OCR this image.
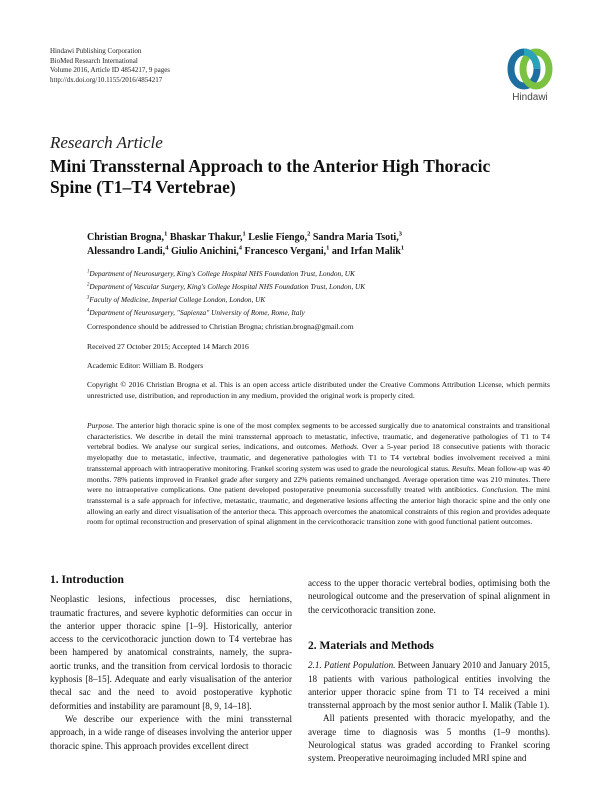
Hindawi Publishing Corporation
BioMed Research International
Volume 2016, Article ID 4854217, 9 pages
http://dx.doi.org/10.1155/2016/4854217
Hindawi
Research Article
Mini Transsternal Approach to the Anterior High Thoracic Spine (T1–T4 Vertebrae)
Christian Brogna,$^1$ Bhaskar Thakur,$^1$ Leslie Fiengo,$^2$ Sandra Maria Tsoti,$^3$
Alessandro Landi,$^4$ Giulio Anichini,$^4$ Francesco Vergani,$^1$ and Irfan Malik$^1$
$^1$Department of Neurosurgery, King's College Hospital NHS Foundation Trust, London, UK
$^2$Department of Vascular Surgery, King's College Hospital NHS Foundation Trust, London, UK
$^3$Faculty of Medicine, Imperial College London, London, UK
$^4$Department of Neurosurgery, "Sapienza" University of Rome, Rome, Italy
Correspondence should be addressed to Christian Brogna; christian.brogna@gmail.com
Received 27 October 2015; Accepted 14 March 2016
Academic Editor: William B. Rodgers
Copyright © 2016 Christian Brogna et al. This is an open access article distributed under the Creative Commons Attribution License, which permits unrestricted use, distribution, and reproduction in any medium, provided the original work is properly cited.
Purpose. The anterior high thoracic spine is one of the most complex segments to be accessed surgically due to anatomical constraints and transitional characteristics. We describe in detail the mini transsternal approach to metastatic, infective, traumatic, and degenerative pathologies of T1 to T4 vertebral bodies. We analyse our surgical series, indications, and outcomes. Methods. Over a 5-year period 18 consecutive patients with thoracic myelopathy due to metastatic, infective, traumatic, and degenerative pathologies with T1 to T4 vertebral bodies involvement received a mini transsternal approach with intraoperative monitoring. Frankel scoring system was used to grade the neurological status. Results. Mean follow-up was 40 months. 78% patients improved in Frankel grade after surgery and 22% patients remained unchanged. Average operation time was 210 minutes. There were no intraoperative complications. One patient developed postoperative pneumonia successfully treated with antibiotics. Conclusion. The mini transsternal is a safe approach for infective, metastatic, traumatic, and degenerative lesions affecting the anterior high thoracic spine and the only one allowing an early and direct visualisation of the anterior theca. This approach overcomes the anatomical constraints of this region and provides adequate room for optimal reconstruction and preservation of spinal alignment in the cervicothoracic transition zone with good functional patient outcomes.
1. Introduction

Neoplastic lesions, infectious processes, disc herniations, traumatic fractures, and severe kyphotic deformities can occur in the anterior upper thoracic spine [1–9]. Historically, anterior access to the cervicothoracic junction down to T4 vertebrae has been hampered by anatomical constraints, namely, the supra-aortic trunks, and the transition from cervical lordosis to thoracic kyphosis [8–15]. Adequate and early visualisation of the anterior thecal sac and the need to avoid postoperative kyphotic deformities and instability are paramount [8, 9, 14–18].

We describe our experience with the mini transsternal approach, in a wide range of diseases involving the anterior upper thoracic spine. This approach provides excellent direct

2. Materials and Methods

2.1. Patient Population. Between January 2010 and January 2015, 18 patients with various pathological entities involving the anterior upper thoracic spine from T1 to T4 received a mini transsternal approach by the most senior author I. Malik (Table 1).

All patients presented with thoracic myelopathy, and the average time to diagnosis was 5 months (1–9 months). Neurological status was graded according to Frankel scoring system. Preoperative neuroimaging included MRI spine and

access to the upper thoracic vertebral bodies, optimising both the neurological outcome and the preservation of spinal alignment in the cervicothoracic transition zone.
